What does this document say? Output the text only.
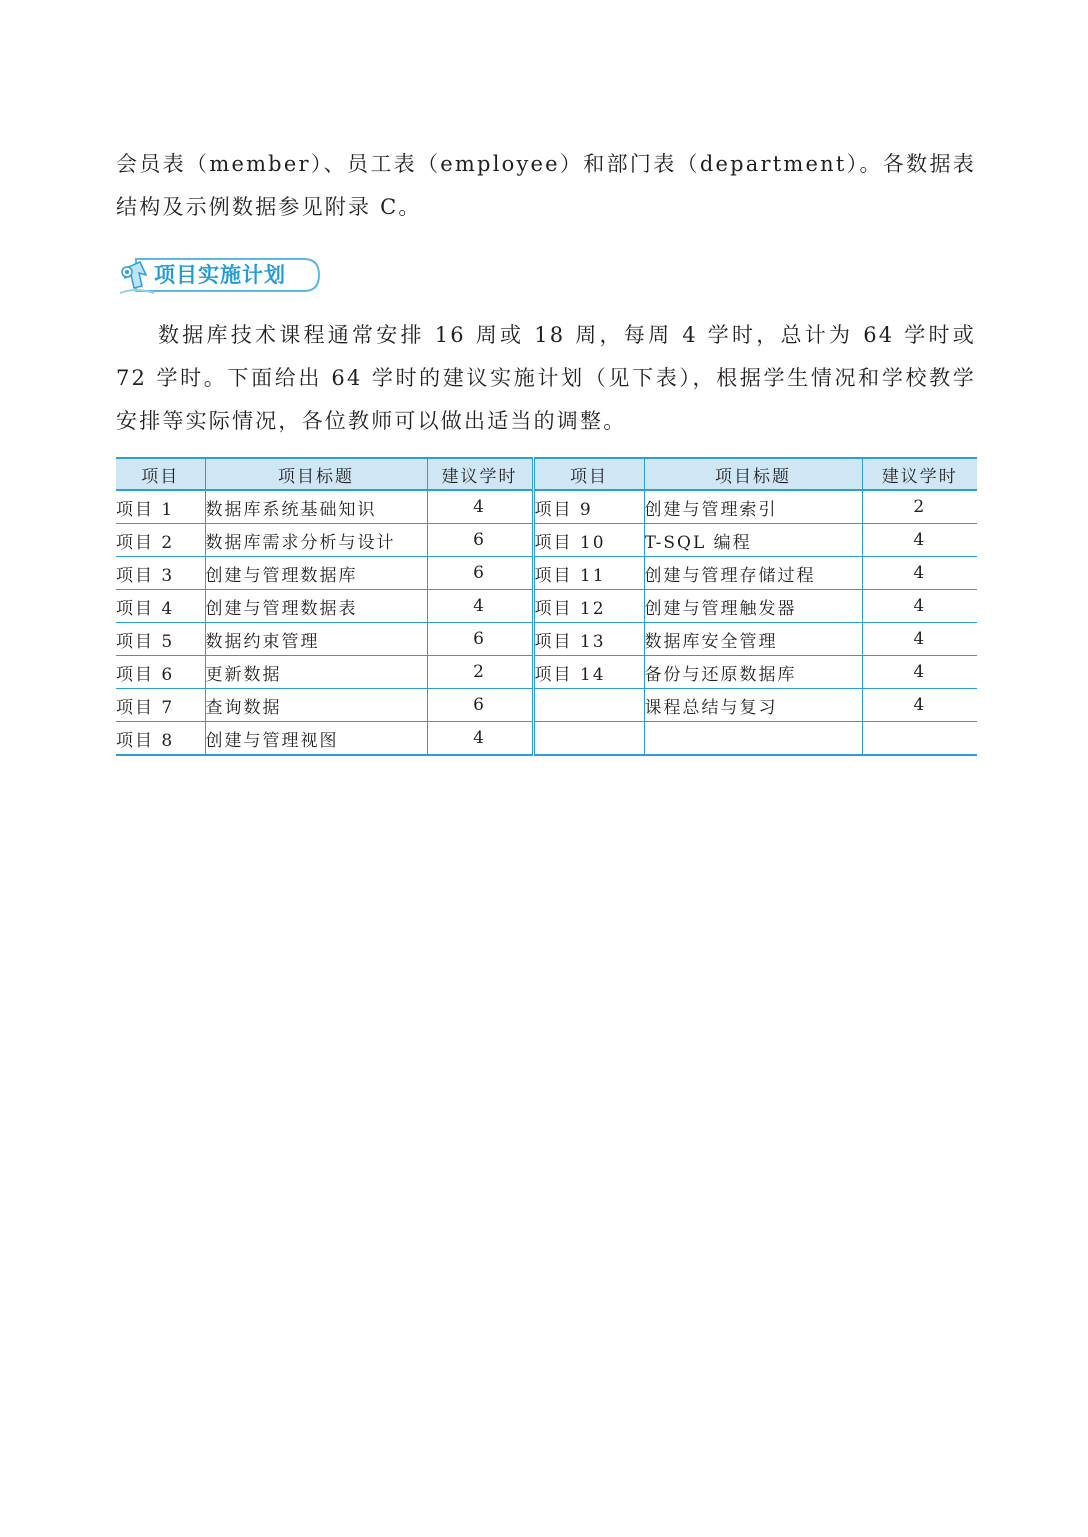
会员表（member）、员工表（employee）和部门表（department）。各数据表结构及示例数据参见附录 C。

项目实施计划

数据库技术课程通常安排 16 周或 18 周，每周 4 学时，总计为 64 学时或 72 学时。下面给出 64 学时的建议实施计划（见下表），根据学生情况和学校教学安排等实际情况，各位教师可以做出适当的调整。

项目	项目标题	建议学时	项目	项目标题	建议学时
项目 1	数据库系统基础知识	4	项目 9	创建与管理索引	2
项目 2	数据库需求分析与设计	6	项目 10	T-SQL 编程	4
项目 3	创建与管理数据库	6	项目 11	创建与管理存储过程	4
项目 4	创建与管理数据表	4	项目 12	创建与管理触发器	4
项目 5	数据约束管理	6	项目 13	数据库安全管理	4
项目 6	更新数据	2	项目 14	备份与还原数据库	4
项目 7	查询数据	6		课程总结与复习	4
项目 8	创建与管理视图	4			
